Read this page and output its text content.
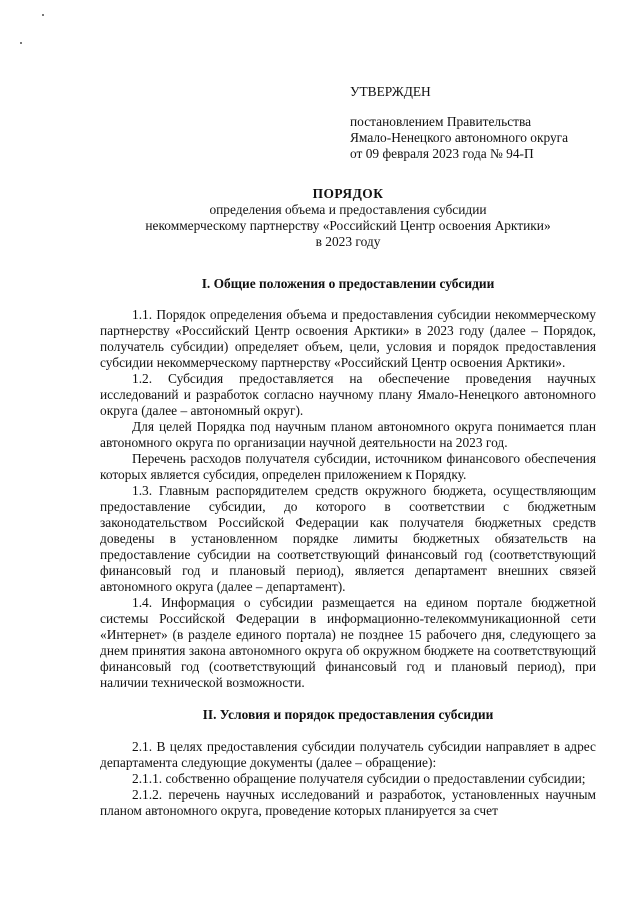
УТВЕРЖДЕН
постановлением Правительства
Ямало-Ненецкого автономного округа
от 09 февраля 2023 года № 94-П
ПОРЯДОК
определения объема и предоставления субсидии
некоммерческому партнерству «Российский Центр освоения Арктики»
в 2023 году
I. Общие положения о предоставлении субсидии

1.1. Порядок определения объема и предоставления субсидии некоммерческому партнерству «Российский Центр освоения Арктики» в 2023 году (далее – Порядок, получатель субсидии) определяет объем, цели, условия и порядок предоставления субсидии некоммерческому партнерству «Российский Центр освоения Арктики».

1.2. Субсидия предоставляется на обеспечение проведения научных исследований и разработок согласно научному плану Ямало-Ненецкого автономного округа (далее – автономный округ).

Для целей Порядка под научным планом автономного округа понимается план автономного округа по организации научной деятельности на 2023 год.

Перечень расходов получателя субсидии, источником финансового обеспечения которых является субсидия, определен приложением к Порядку.

1.3. Главным распорядителем средств окружного бюджета, осуществляющим предоставление субсидии, до которого в соответствии с бюджетным законодательством Российской Федерации как получателя бюджетных средств доведены в установленном порядке лимиты бюджетных обязательств на предоставление субсидии на соответствующий финансовый год (соответствующий финансовый год и плановый период), является департамент внешних связей автономного округа (далее – департамент).

1.4. Информация о субсидии размещается на едином портале бюджетной системы Российской Федерации в информационно-телекоммуникационной сети «Интернет» (в разделе единого портала) не позднее 15 рабочего дня, следующего за днем принятия закона автономного округа об окружном бюджете на соответствующий финансовый год (соответствующий финансовый год и плановый период), при наличии технической возможности.

II. Условия и порядок предоставления субсидии

2.1. В целях предоставления субсидии получатель субсидии направляет в адрес департамента следующие документы (далее – обращение):

2.1.1. собственно обращение получателя субсидии о предоставлении субсидии;

2.1.2. перечень научных исследований и разработок, установленных научным планом автономного округа, проведение которых планируется за счет
